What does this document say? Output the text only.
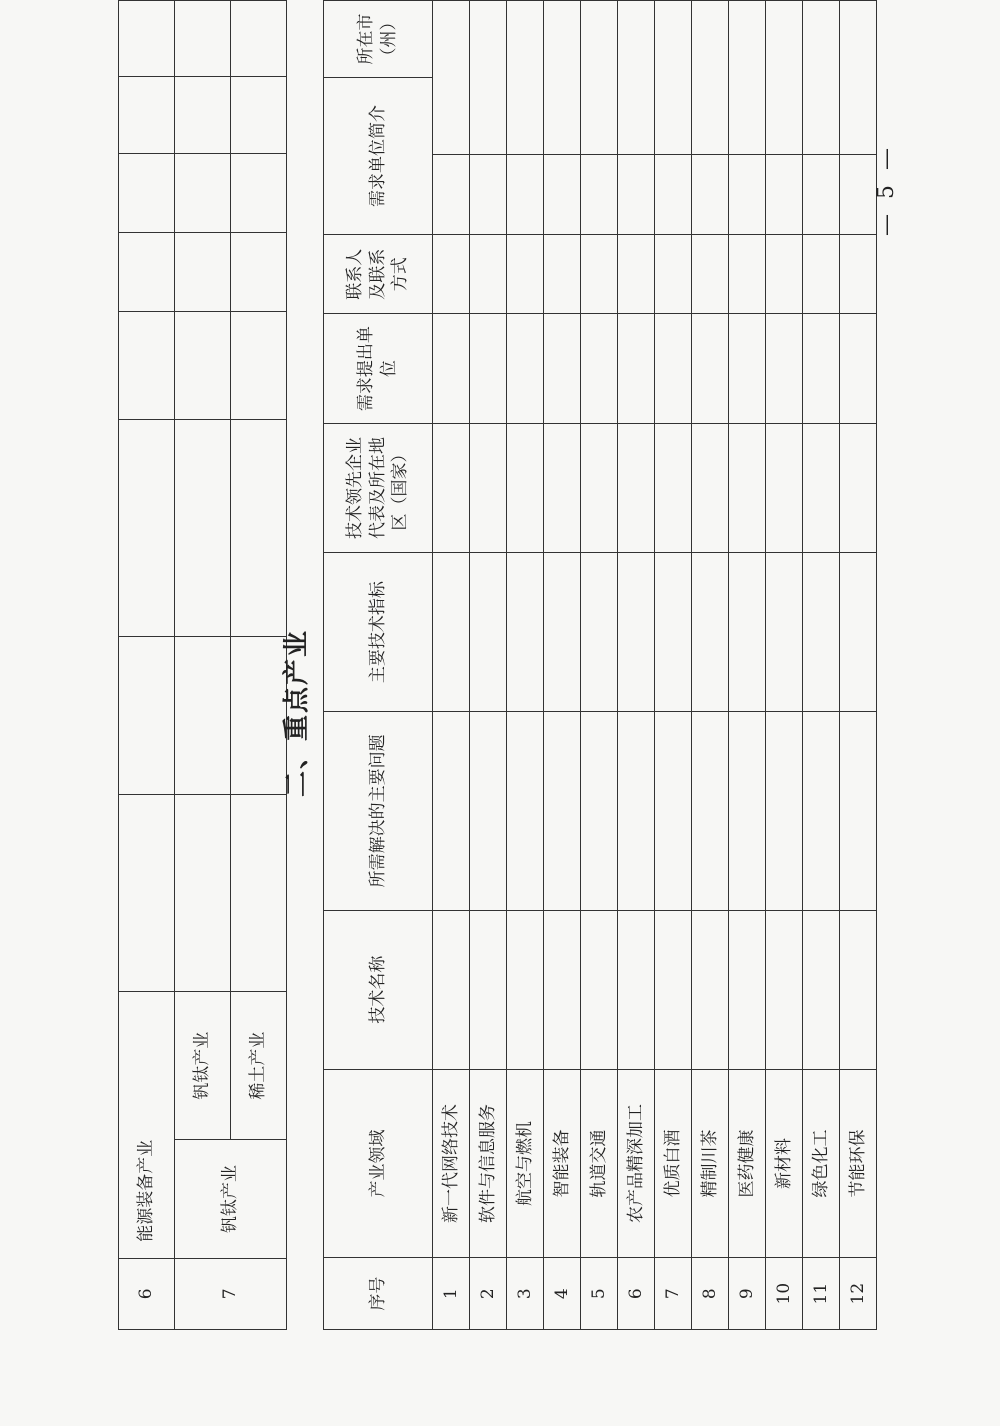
6	能源装备产业									
7	钒钛产业	钒钛产业								
		稀土产业								
二、重点产业
序号	产业领域	技术名称	所需解决的主要问题	主要技术指标	技术领先企业代表及所在地区（国家）	需求提出单位	联系人及联系方式	需求单位简介		所在市（州）
1	新一代网络技术									
2	软件与信息服务									
3	航空与燃机									
4	智能装备									
5	轨道交通									
6	农产品精深加工									
7	优质白酒									
8	精制川茶									
9	医药健康									
10	新材料									
11	绿色化工									
12	节能环保									
— 5 —
